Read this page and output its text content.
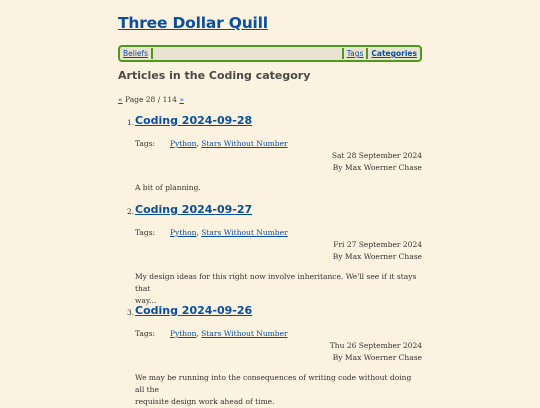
Three Dollar Quill
Beliefs	Tags	Categories
Articles in the Coding category
« Page 28 / 114 »
1. Coding 2024-09-28
Tags: Python, Stars Without Number
Sat 28 September 2024
By Max Woerner Chase

A bit of planning.

2. Coding 2024-09-27
Tags: Python, Stars Without Number
Fri 27 September 2024
By Max Woerner Chase

My design ideas for this right now involve inheritance. We'll see if it stays that
way...

3. Coding 2024-09-26
Tags: Python, Stars Without Number
Thu 26 September 2024
By Max Woerner Chase

We may be running into the consequences of writing code without doing all the
requisite design work ahead of time.
